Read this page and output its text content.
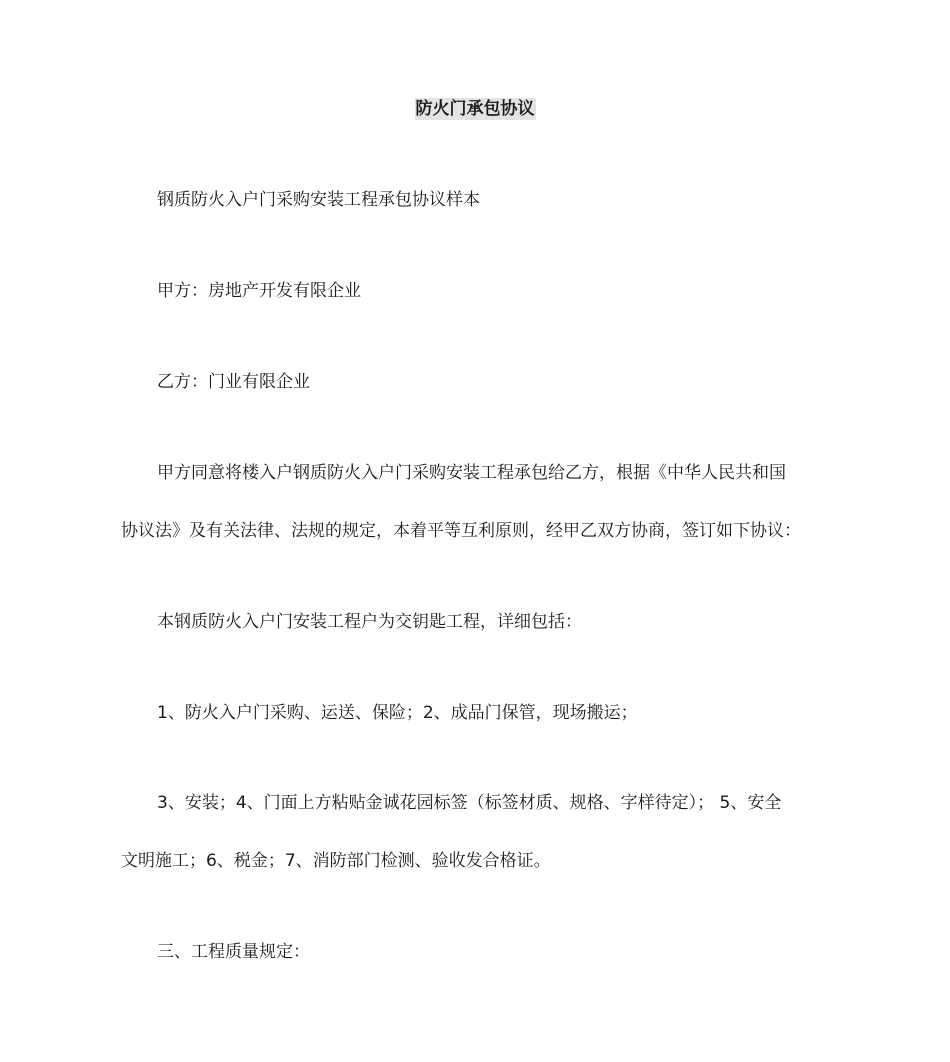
防火门承包协议

钢质防火入户门采购安装工程承包协议样本

甲方：房地产开发有限企业

乙方：门业有限企业

甲方同意将楼入户钢质防火入户门采购安装工程承包给乙方，根据《中华人民共和国
协议法》及有关法律、法规的规定，本着平等互利原则，经甲乙双方协商，签订如下协议：

本钢质防火入户门安装工程户为交钥匙工程，详细包括：

1、防火入户门采购、运送、保险；2、成品门保管，现场搬运；

3、安装；4、门面上方粘贴金诚花园标签（标签材质、规格、字样待定）； 5、安全
文明施工；6、税金；7、消防部门检测、验收发合格证。

三、工程质量规定：
